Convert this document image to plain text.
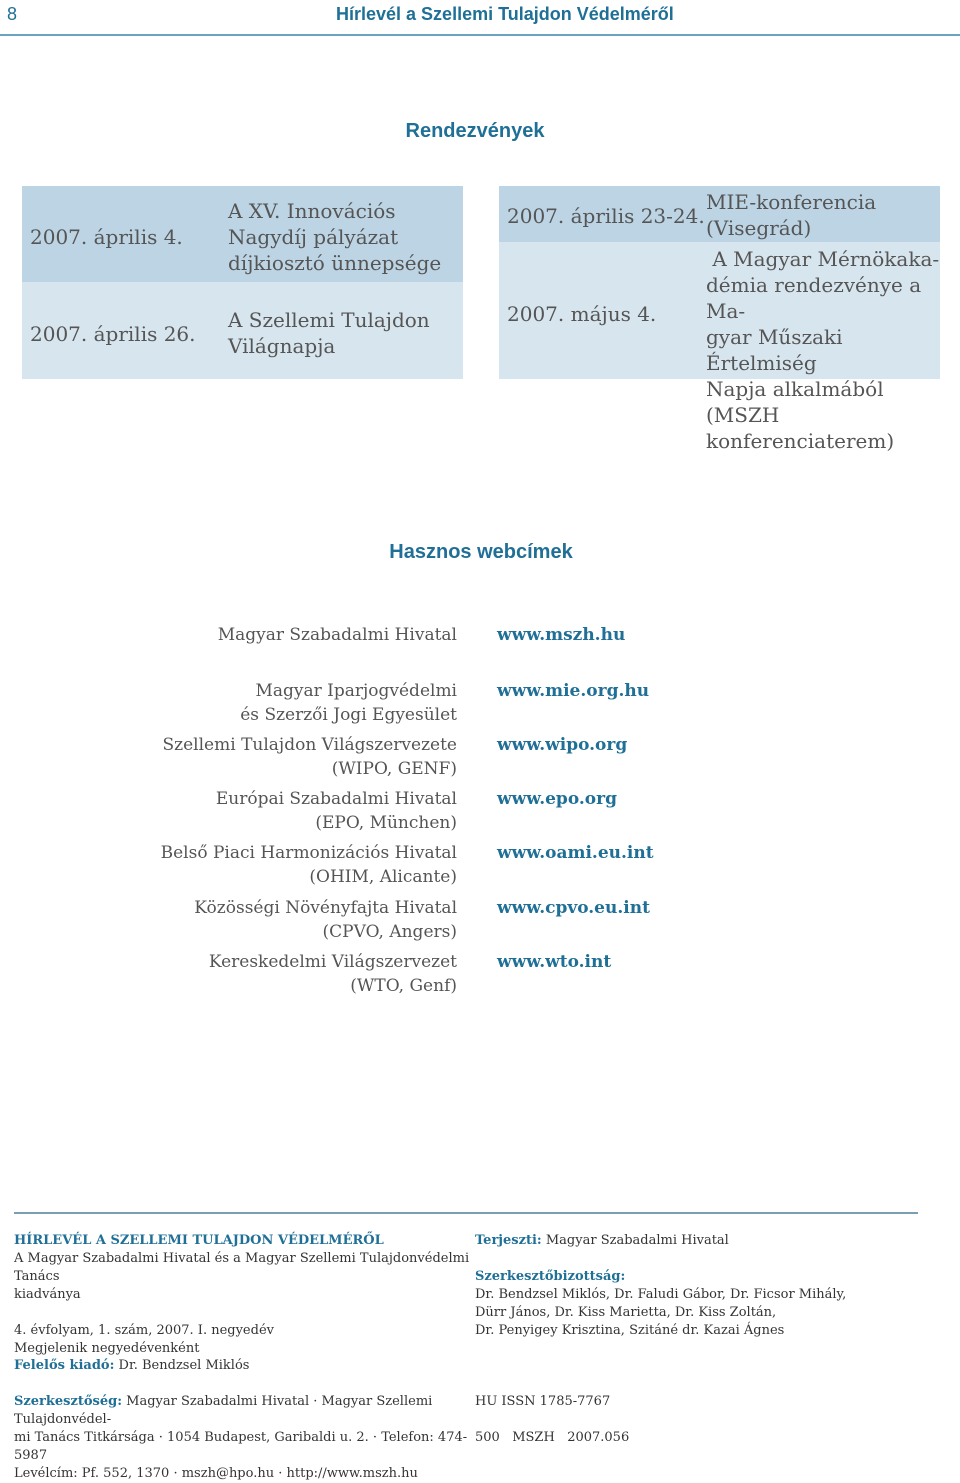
8	Hírlevél a Szellemi Tulajdon Védelméről
Rendezvények
2007. április 4.
A XV. Innovációs
Nagydíj pályázat
díjkiosztó ünnepsége
2007. április 26.
A Szellemi Tulajdon
Világnapja
2007. április 23-24.
MIE-konferencia
(Visegrád)
2007. május 4.
A Magyar Mérnökaka-
démia rendezvénye a Ma-
gyar Műszaki Értelmiség
Napja alkalmából (MSZH
konferenciaterem)
Hasznos webcímek
Magyar Szabadalmi Hivatal www.mszh.hu
Magyar Iparjogvédelmi
és Szerzői Jogi Egyesület
www.mie.org.hu
Szellemi Tulajdon Világszervezete
(WIPO, GENF)
www.wipo.org
Európai Szabadalmi Hivatal
(EPO, München)
www.epo.org
Belső Piaci Harmonizációs Hivatal
(OHIM, Alicante)
www.oami.eu.int
Közösségi Növényfajta Hivatal
(CPVO, Angers)
www.cpvo.eu.int
Kereskedelmi Világszervezet
(WTO, Genf)
www.wto.int
HÍRLEVÉL A SZELLEMI TULAJDON VÉDELMÉRŐL
A Magyar Szabadalmi Hivatal és a Magyar Szellemi Tulajdonvédelmi Tanács
kiadványa
4. évfolyam, 1. szám, 2007. I. negyedév
Megjelenik negyedévenként
Felelős kiadó: Dr. Bendzsel Miklós
Szerkesztőség: Magyar Szabadalmi Hivatal · Magyar Szellemi Tulajdonvédel-
mi Tanács Titkársága · 1054 Budapest, Garibaldi u. 2. · Telefon: 474-5987
Levélcím: Pf. 552, 1370 · mszh@hpo.hu · http://www.mszh.hu
Terjeszti: Magyar Szabadalmi Hivatal
Szerkesztőbizottság:
Dr. Bendzsel Miklós, Dr. Faludi Gábor, Dr. Ficsor Mihály,
Dürr János, Dr. Kiss Marietta, Dr. Kiss Zoltán,
Dr. Penyigey Krisztina, Szitáné dr. Kazai Ágnes
HU ISSN 1785-7767
500   MSZH   2007.056
